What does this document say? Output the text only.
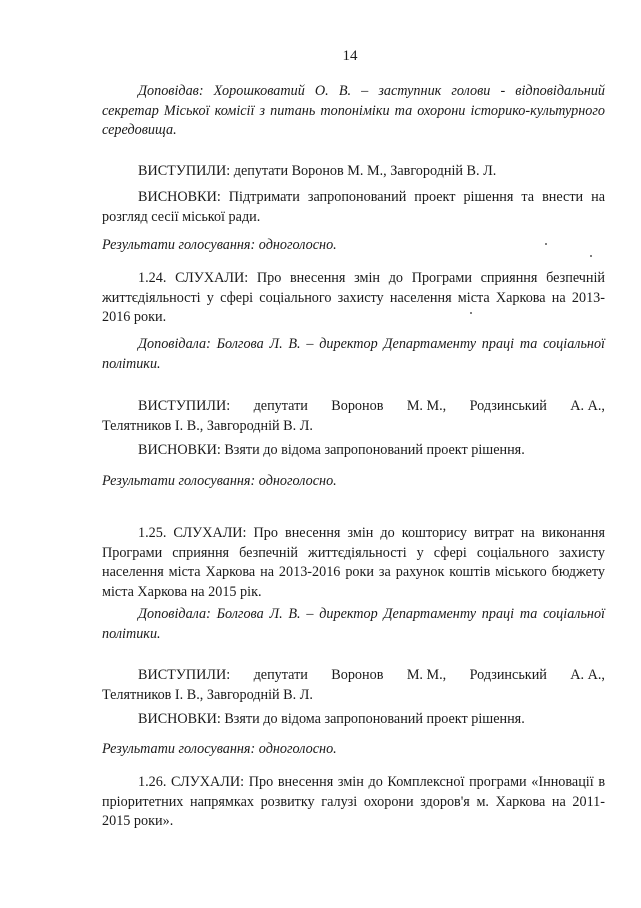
14
Доповідав: Хорошковатий О. В. – заступник голови - відповідальний секретар Міської комісії з питань топоніміки та охорони історико-культурного середовища.
ВИСТУПИЛИ: депутати Воронов М. М., Завгородній В. Л.
ВИСНОВКИ: Підтримати запропонований проект рішення та внести на розгляд сесії міської ради.
Результати голосування: одноголосно.
1.24. СЛУХАЛИ: Про внесення змін до Програми сприяння безпечній життєдіяльності у сфері соціального захисту населення міста Харкова на 2013-2016 роки.
Доповідала: Болгова Л. В. – директор Департаменту праці та соціальної політики.
ВИСТУПИЛИ: депутати Воронов М. М., Родзинський А. А.,
Телятников І. В., Завгородній В. Л.
ВИСНОВКИ: Взяти до відома запропонований проект рішення.
Результати голосування: одноголосно.
1.25. СЛУХАЛИ: Про внесення змін до кошторису витрат на виконання Програми сприяння безпечній життєдіяльності у сфері соціального захисту населення міста Харкова на 2013-2016 роки за рахунок коштів міського бюджету міста Харкова на 2015 рік.
Доповідала: Болгова Л. В. – директор Департаменту праці та соціальної політики.
ВИСТУПИЛИ: депутати Воронов М. М., Родзинський А. А.,
Телятников І. В., Завгородній В. Л.
ВИСНОВКИ: Взяти до відома запропонований проект рішення.
Результати голосування: одноголосно.
1.26. СЛУХАЛИ: Про внесення змін до Комплексної програми «Інновації в пріоритетних напрямках розвитку галузі охорони здоров'я м. Харкова на 2011-2015 роки».
